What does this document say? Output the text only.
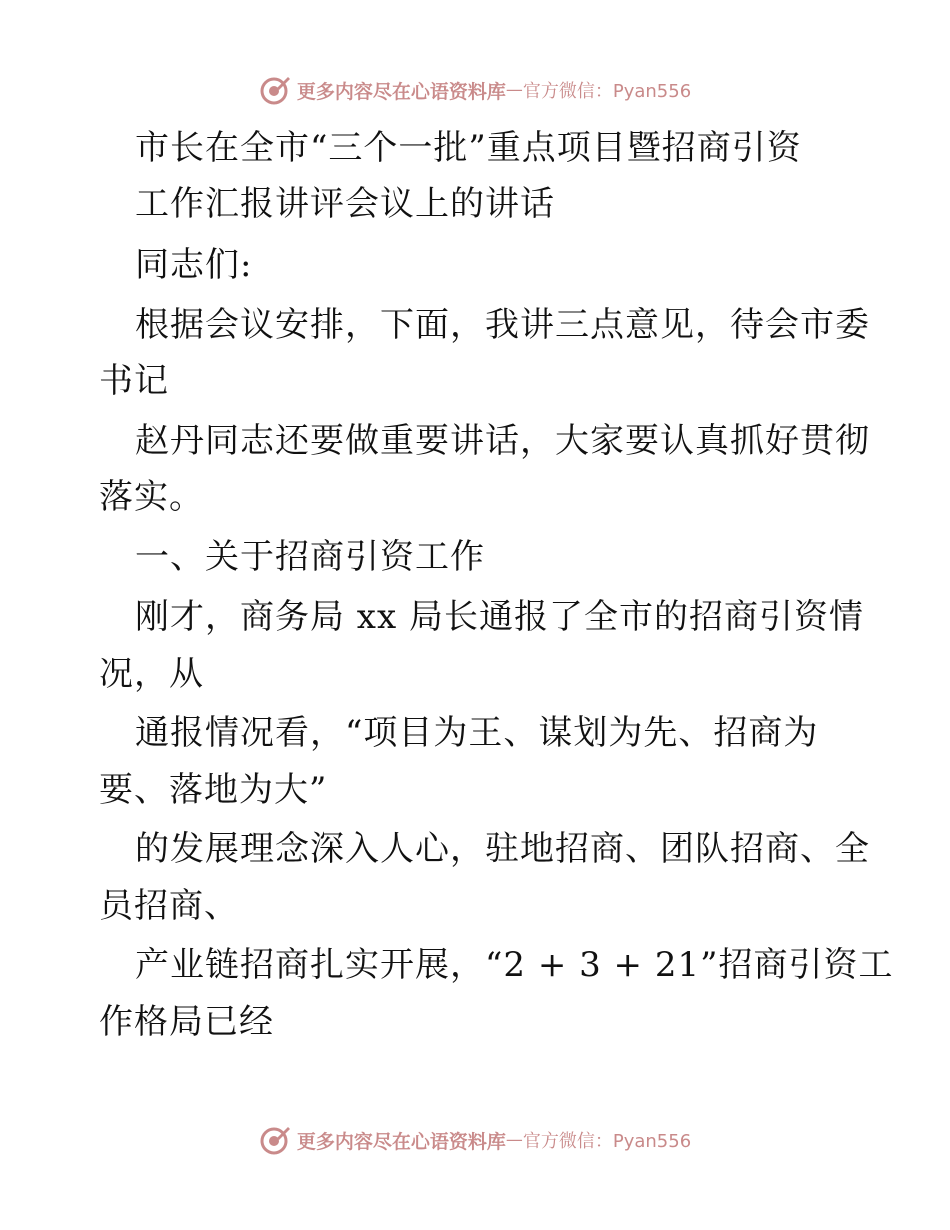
更多内容尽在心语资料库 — 官方微信：Pyan556
市长在全市“三个一批”重点项目暨招商引资
工作汇报讲评会议上的讲话
同志们:
根据会议安排，下面，我讲三点意见，待会市委
书记
赵丹同志还要做重要讲话，大家要认真抓好贯彻
落实。
一、关于招商引资工作
刚才，商务局 xx 局长通报了全市的招商引资情
况，从
通报情况看，“项目为王、谋划为先、招商为
要、落地为大”
的发展理念深入人心，驻地招商、团队招商、全
员招商、
产业链招商扎实开展，“2 + 3 + 21”招商引资工
作格局已经
更多内容尽在心语资料库 — 官方微信：Pyan556
